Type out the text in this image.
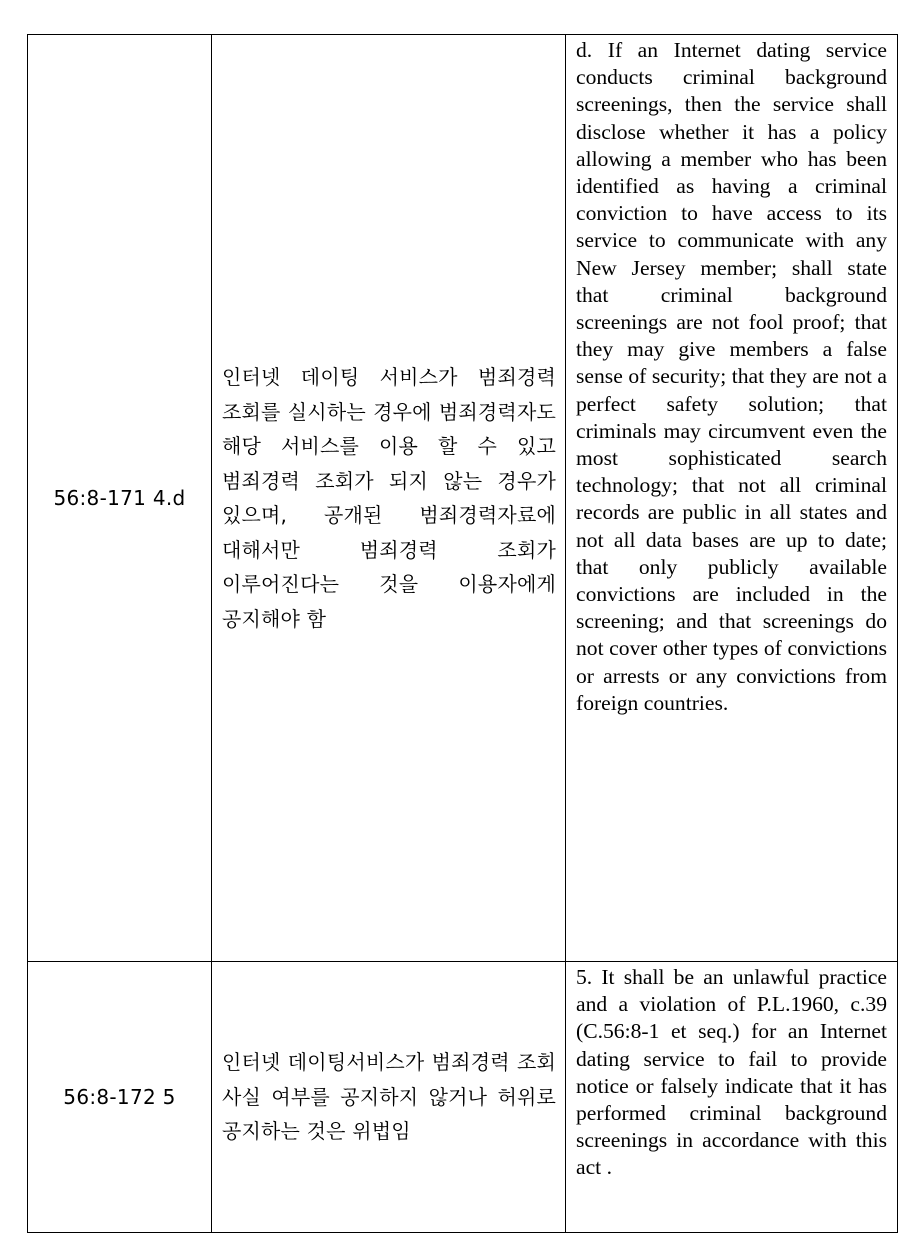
56:8-171 4.d	인터넷 데이팅 서비스가 범죄경력 조회를 실시하는 경우에 범죄경력자도 해당 서비스를 이용 할 수 있고 범죄경력 조회가 되지 않는 경우가 있으며, 공개된 범죄경력자료에 대해서만 범죄경력 조회가 이루어진다는 것을 이용자에게 공지해야 함	d. If an Internet dating service conducts criminal background screenings, then the service shall disclose whether it has a policy allowing a member who has been identified as having a criminal conviction to have access to its service to communicate with any New Jersey member; shall state that criminal background screenings are not fool proof; that they may give members a false sense of security; that they are not a perfect safety solution; that criminals may circumvent even the most sophisticated search technology; that not all criminal records are public in all states and not all data bases are up to date; that only publicly available convictions are included in the screening; and that screenings do not cover other types of convictions or arrests or any convictions from foreign countries.

56:8-172 5	인터넷 데이팅서비스가 범죄경력 조회 사실 여부를 공지하지 않거나 허위로 공지하는 것은 위법임	5. It shall be an unlawful practice and a violation of P.L.1960, c.39 (C.56:8-1 et seq.) for an Internet dating service to fail to provide notice or falsely indicate that it has performed criminal background screenings in accordance with this act .
